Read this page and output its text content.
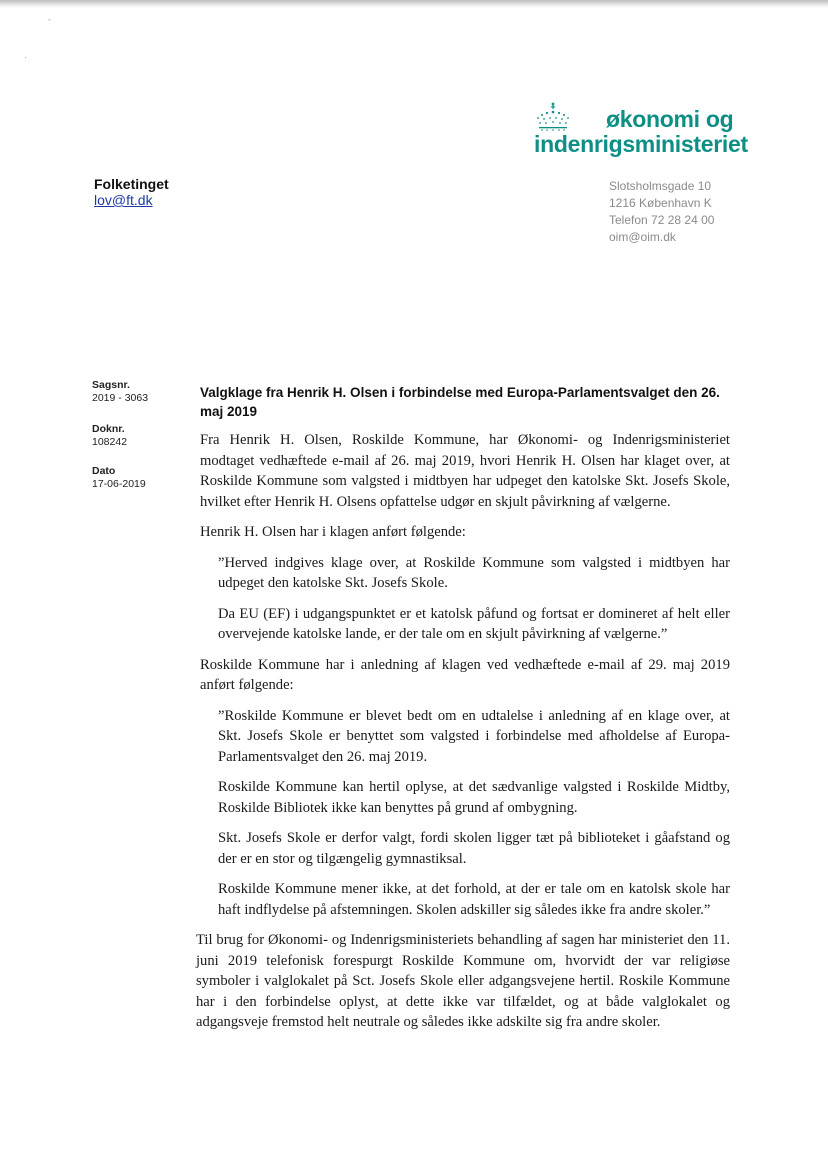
ˇ
·
økonomi og
indenrigsministeriet
Folketinget
lov@ft.dk
Slotsholmsgade 10
1216 København K
Telefon 72 28 24 00
oim@oim.dk
Sagsnr.
2019 - 3063
Doknr.
108242
Dato
17-06-2019
Valgklage fra Henrik H. Olsen i forbindelse med Europa-Parlamentsvalget den 26. maj 2019

Fra Henrik H. Olsen, Roskilde Kommune, har Økonomi- og Indenrigsministeriet modtaget vedhæftede e-mail af 26. maj 2019, hvori Henrik H. Olsen har klaget over, at Roskilde Kommune som valgsted i midtbyen har udpeget den katolske Skt. Josefs Skole, hvilket efter Henrik H. Olsens opfattelse udgør en skjult påvirkning af vælgerne.

Henrik H. Olsen har i klagen anført følgende:

”Herved indgives klage over, at Roskilde Kommune som valgsted i midtbyen har udpeget den katolske Skt. Josefs Skole.

Da EU (EF) i udgangspunktet er et katolsk påfund og fortsat er domineret af helt eller overvejende katolske lande, er der tale om en skjult påvirkning af vælgerne.”

Roskilde Kommune har i anledning af klagen ved vedhæftede e-mail af 29. maj 2019 anført følgende:

”Roskilde Kommune er blevet bedt om en udtalelse i anledning af en klage over, at Skt. Josefs Skole er benyttet som valgsted i forbindelse med afholdelse af Europa-Parlamentsvalget den 26. maj 2019.

Roskilde Kommune kan hertil oplyse, at det sædvanlige valgsted i Roskilde Midtby, Roskilde Bibliotek ikke kan benyttes på grund af ombygning.

Skt. Josefs Skole er derfor valgt, fordi skolen ligger tæt på biblioteket i gåafstand og der er en stor og tilgængelig gymnastiksal.

Roskilde Kommune mener ikke, at det forhold, at der er tale om en katolsk skole har haft indflydelse på afstemningen. Skolen adskiller sig således ikke fra andre skoler.”

Til brug for Økonomi- og Indenrigsministeriets behandling af sagen har ministeriet den 11. juni 2019 telefonisk forespurgt Roskilde Kommune om, hvorvidt der var religiøse symboler i valglokalet på Sct. Josefs Skole eller adgangsvejene hertil. Roskile Kommune har i den forbindelse oplyst, at dette ikke var tilfældet, og at både valglokalet og adgangsveje fremstod helt neutrale og således ikke adskilte sig fra andre skoler.
